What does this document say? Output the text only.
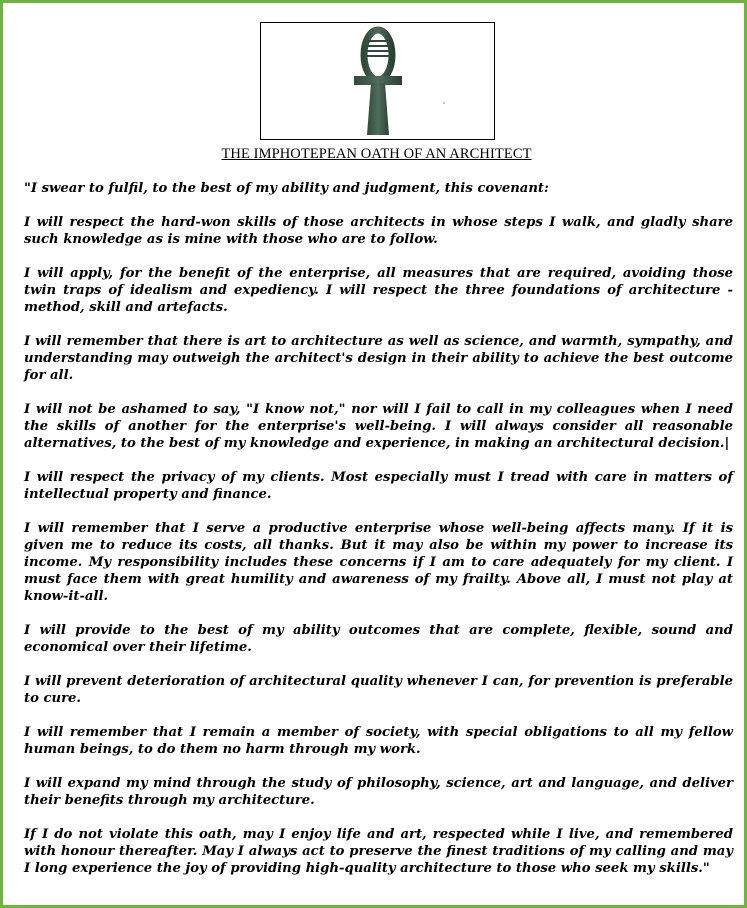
THE IMPHOTEPEAN OATH OF AN ARCHITECT

"I swear to fulfil, to the best of my ability and judgment, this covenant:

I will respect the hard-won skills of those architects in whose steps I walk, and gladly share such knowledge as is mine with those who are to follow.

I will apply, for the benefit of the enterprise, all measures that are required, avoiding those twin traps of idealism and expediency. I will respect the three foundations of architecture - method, skill and artefacts.

I will remember that there is art to architecture as well as science, and warmth, sympathy, and understanding may outweigh the architect's design in their ability to achieve the best outcome for all.

I will not be ashamed to say, "I know not," nor will I fail to call in my colleagues when I need the skills of another for the enterprise's well-being. I will always consider all reasonable alternatives, to the best of my knowledge and experience, in making an architectural decision.|

I will respect the privacy of my clients. Most especially must I tread with care in matters of intellectual property and finance.

I will remember that I serve a productive enterprise whose well-being affects many. If it is given me to reduce its costs, all thanks. But it may also be within my power to increase its income. My responsibility includes these concerns if I am to care adequately for my client. I must face them with great humility and awareness of my frailty. Above all, I must not play at know-it-all.

I will provide to the best of my ability outcomes that are complete, flexible, sound and economical over their lifetime.

I will prevent deterioration of architectural quality whenever I can, for prevention is preferable to cure.

I will remember that I remain a member of society, with special obligations to all my fellow human beings, to do them no harm through my work.

I will expand my mind through the study of philosophy, science, art and language, and deliver their benefits through my architecture.

If I do not violate this oath, may I enjoy life and art, respected while I live, and remembered with honour thereafter. May I always act to preserve the finest traditions of my calling and may I long experience the joy of providing high-quality architecture to those who seek my skills."
